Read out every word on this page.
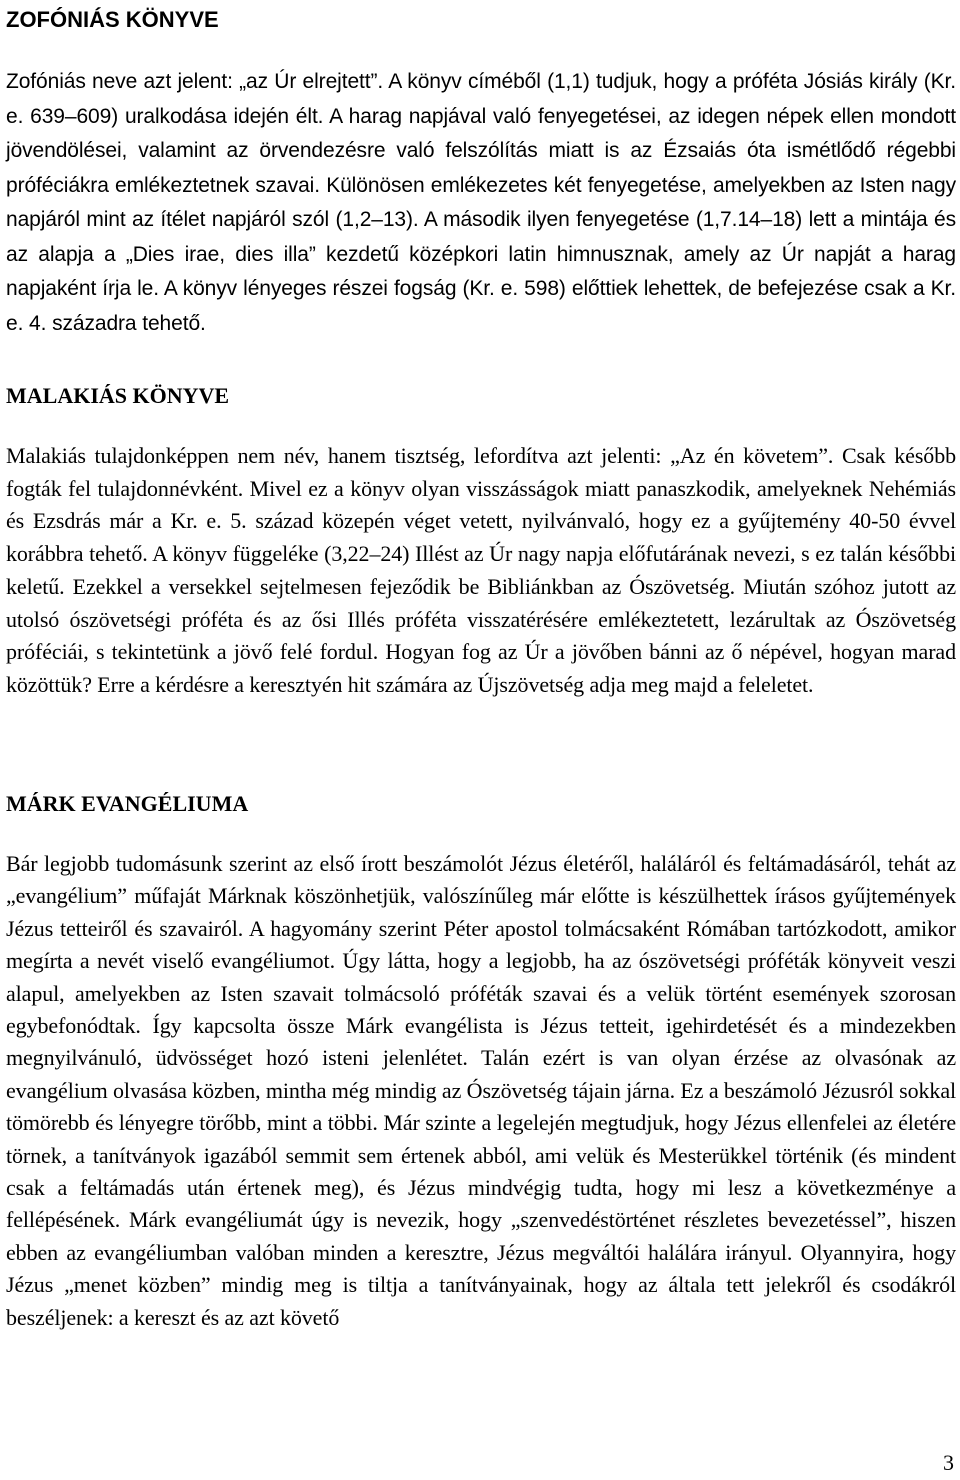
ZOFÓNIÁS KÖNYVE

Zofóniás neve azt jelent: „az Úr elrejtett”. A könyv címéből (1,1) tudjuk, hogy a próféta Jósiás király (Kr. e. 639–609) uralkodása idején élt. A harag napjával való fenyegetései, az idegen népek ellen mondott jövendölései, valamint az örvendezésre való felszólítás miatt is az Ézsaiás óta ismétlődő régebbi próféciákra emlékeztetnek szavai. Különösen emlékezetes két fenyegetése, amelyekben az Isten nagy napjáról mint az ítélet napjáról szól (1,2–13). A második ilyen fenyegetése (1,7.14–18) lett a mintája és az alapja a „Dies irae, dies illa” kezdetű középkori latin himnusznak, amely az Úr napját a harag napjaként írja le. A könyv lényeges részei fogság (Kr. e. 598) előttiek lehettek, de befejezése csak a Kr. e. 4. századra tehető.

MALAKIÁS KÖNYVE

Malakiás tulajdonképpen nem név, hanem tisztség, lefordítva azt jelenti: „Az én követem”. Csak később fogták fel tulajdonnévként. Mivel ez a könyv olyan visszásságok miatt panaszkodik, amelyeknek Nehémiás és Ezsdrás már a Kr. e. 5. század közepén véget vetett, nyilvánvaló, hogy ez a gyűjtemény 40-50 évvel korábbra tehető. A könyv függeléke (3,22–24) Illést az Úr nagy napja előfutárának nevezi, s ez talán későbbi keletű. Ezekkel a versekkel sejtelmesen fejeződik be Bibliánkban az Ószövetség. Miután szóhoz jutott az utolsó ószövetségi próféta és az ősi Illés próféta visszatérésére emlékeztetett, lezárultak az Ószövetség próféciái, s tekintetünk a jövő felé fordul. Hogyan fog az Úr a jövőben bánni az ő népével, hogyan marad közöttük? Erre a kérdésre a keresztyén hit számára az Újszövetség adja meg majd a feleletet.

MÁRK EVANGÉLIUMA

Bár legjobb tudomásunk szerint az első írott beszámolót Jézus életéről, haláláról és feltámadásáról, tehát az „evangélium” műfaját Márknak köszönhetjük, valószínűleg már előtte is készülhettek írásos gyűjtemények Jézus tetteiről és szavairól. A hagyomány szerint Péter apostol tolmácsaként Rómában tartózkodott, amikor megírta a nevét viselő evangéliumot. Úgy látta, hogy a legjobb, ha az ószövetségi próféták könyveit veszi alapul, amelyekben az Isten szavait tolmácsoló próféták szavai és a velük történt események szorosan egybefonódtak. Így kapcsolta össze Márk evangélista is Jézus tetteit, igehirdetését és a mindezekben megnyilvánuló, üdvösséget hozó isteni jelenlétet. Talán ezért is van olyan érzése az olvasónak az evangélium olvasása közben, mintha még mindig az Ószövetség tájain járna. Ez a beszámoló Jézusról sokkal tömörebb és lényegre törőbb, mint a többi. Már szinte a legelején megtudjuk, hogy Jézus ellenfelei az életére törnek, a tanítványok igazából semmit sem értenek abból, ami velük és Mesterükkel történik (és mindent csak a feltámadás után értenek meg), és Jézus mindvégig tudta, hogy mi lesz a következménye a fellépésének. Márk evangéliumát úgy is nevezik, hogy „szenvedéstörténet részletes bevezetéssel”, hiszen ebben az evangéliumban valóban minden a keresztre, Jézus megváltói halálára irányul. Olyannyira, hogy Jézus „menet közben” mindig meg is tiltja a tanítványainak, hogy az általa tett jelekről és csodákról beszéljenek: a kereszt és az azt követő

3
